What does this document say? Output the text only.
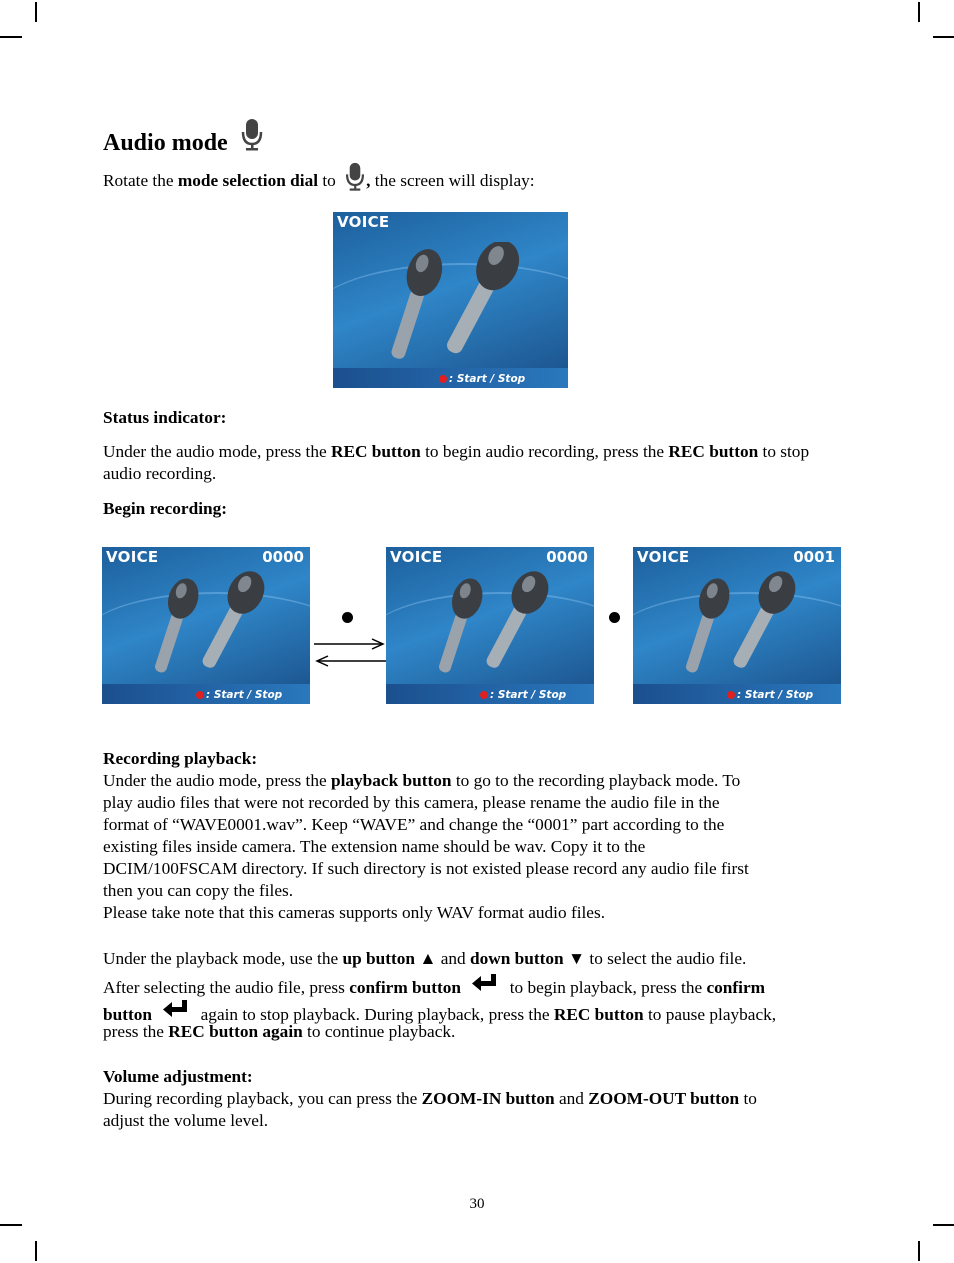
Audio mode
Rotate the mode selection dial to , the screen will display:
VOICE
: Start / Stop
Status indicator:
Under the audio mode, press the REC button to begin audio recording, press the REC button to stop audio recording.
Begin recording:
VOICE	0000
: Start / Stop
VOICE	0000
: Start / Stop
VOICE	0001
: Start / Stop
Recording playback:
Under the audio mode, press the playback button to go to the recording playback mode. To
play audio files that were not recorded by this camera, please rename the audio file in the
format of “WAVE0001.wav”. Keep “WAVE” and change the “0001” part according to the
existing files inside camera. The extension name should be wav. Copy it to the
DCIM/100FSCAM directory. If such directory is not existed please record any audio file first
then you can copy the files.
Please take note that this cameras supports only WAV format audio files.
Under the playback mode, use the up button ▲ and down button ▼ to select the audio file.
After selecting the audio file, press confirm button	to begin playback, press the confirm
button	again to stop playback. During playback, press the REC button to pause playback,
press the REC button again to continue playback.
Volume adjustment:
During recording playback, you can press the ZOOM-IN button and ZOOM-OUT button to
adjust the volume level.
30
